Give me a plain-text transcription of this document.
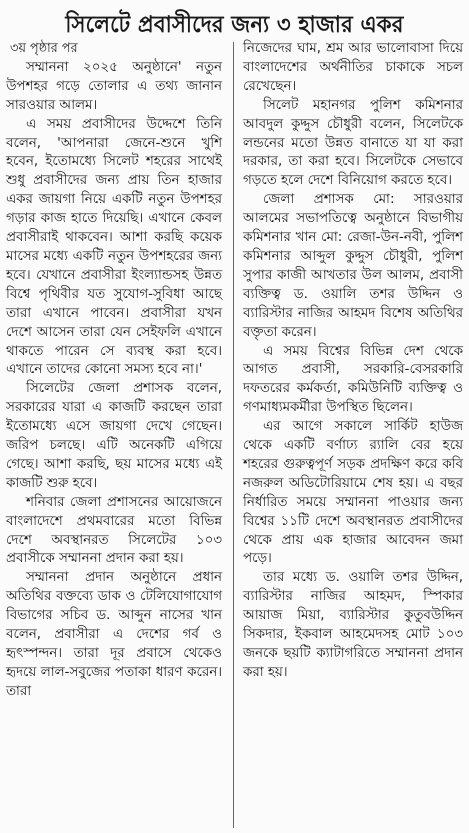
সিলেটে প্রবাসীদের জন্য ৩ হাজার একর

৩য় পৃষ্ঠার পর

সম্মাননা ২০২৫ অনুষ্ঠানে' নতুন উপশহর গড়ে তোলার এ তথ্য জানান সারওয়ার আলম।

এ সময় প্রবাসীদের উদ্দেশে তিনি বলেন, 'আপনারা জেনে-শুনে খুশি হবেন, ইতোমধ্যে সিলেট শহরের সাথেই শুধু প্রবাসীদের জন্য প্রায় তিন হাজার একর জায়গা নিয়ে একটি নতুন উপশহর গড়ার কাজ হাতে দিয়েছি। এখানে কেবল প্রবাসীরাই থাকবেন। আশা করছি কয়েক মাসের মধ্যে একটি নতুন উপশহরের জন্য হবে। যেখানে প্রবাসীরা ইংল্যান্ডসহ উন্নত বিশ্বে পৃথিবীর যত সুযোগ-সুবিধা আছে তারা এখানে পাবেন। প্রবাসীরা যখন দেশে আসেন তারা যেন সেইফলি এখানে থাকতে পারেন সে ব্যবস্থ করা হবে। এখানে তাদের কোনো সমস্য হবে না।'

সিলেটের জেলা প্রশাসক বলেন, সরকারের যারা এ কাজটি করছেন তারা ইতোমধ্যে এসে জায়গা দেখে গেছেন। জরিপ চলছে। এটি অনেকটি এগিয়ে গেছে। আশা করছি, ছয় মাসের মধ্যে এই কাজটি শুরু হবে।

শনিবার জেলা প্রশাসনের আয়োজনে বাংলাদেশে প্রথমবারের মতো বিভিন্ন দেশে অবস্থানরত সিলেটের ১০৩ প্রবাসীকে সম্মাননা প্রদান করা হয়।

সম্মাননা প্রদান অনুষ্ঠানে প্রধান অতিথির বক্তব্যে ডাক ও টেলিযোগাযোগ বিভাগের সচিব ড. আব্দুন নাসের খান বলেন, প্রবাসীরা এ দেশের গর্ব ও হৃৎস্পন্দন। তারা দূর প্রবাসে থেকেও হৃদয়ে লাল-সবুজের পতাকা ধারণ করেন। তারা

নিজেদের ঘাম, শ্রম আর ভালোবাসা দিয়ে বাংলাদেশের অর্থনীতির চাকাকে সচল রেখেছেন।

সিলেট মহানগর পুলিশ কমিশনার আবদুল কুদ্দুস চৌধুরী বলেন, সিলেটকে লন্ডনের মতো উন্নত বানাতে যা যা করা দরকার, তা করা হবে। সিলেটকে সেভাবে গড়তে হলে দেশে বিনিয়োগ করতে হবে।

জেলা প্রশাসক মো: সারওয়ার আলমের সভাপতিত্বে অনুষ্ঠানে বিভাগীয় কমিশনার খান মো: রেজা-উন-নবী, পুলিশ কমিশনার আব্দুল কুদ্দুস চৌধুরী, পুলিশ সুপার কাজী আখতার উল আলম, প্রবাসী ব্যক্তিত্ব ড. ওয়ালি তশর উদ্দিন ও ব্যারিস্টার নাজির আহমদ বিশেষ অতিথির বক্তৃতা করেন।

এ সময় বিশ্বের বিভিন্ন দেশ থেকে আগত প্রবাসী, সরকারি-বেসরকারি দফতরের কর্মকর্তা, কমিউনিটি ব্যক্তিত্ব ও গণমাধ্যমকর্মীরা উপস্থিত ছিলেন।

এর আগে সকালে সার্কিট হাউজ থেকে একটি বর্ণাঢ্য র‌্যালি বের হয়ে শহরের গুরুত্বপূর্ণ সড়ক প্রদক্ষিণ করে কবি নজরুল অডিটোরিয়ামে শেষ হয়। এ বছর নির্ধারিত সময়ে সম্মাননা পাওয়ার জন্য বিশ্বের ১১টি দেশে অবস্থানরত প্রবাসীদের থেকে প্রায় এক হাজার আবেদন জমা পড়ে।

তার মধ্যে ড. ওয়ালি তশর উদ্দিন, ব্যারিস্টার নাজির আহমদ, স্পিকার আয়াজ মিয়া, ব্যারিস্টার কুতুবউদ্দিন সিকদার, ইকবাল আহমেদসহ মোট ১০৩ জনকে ছয়টি ক্যাটাগরিতে সম্মাননা প্রদান করা হয়।
